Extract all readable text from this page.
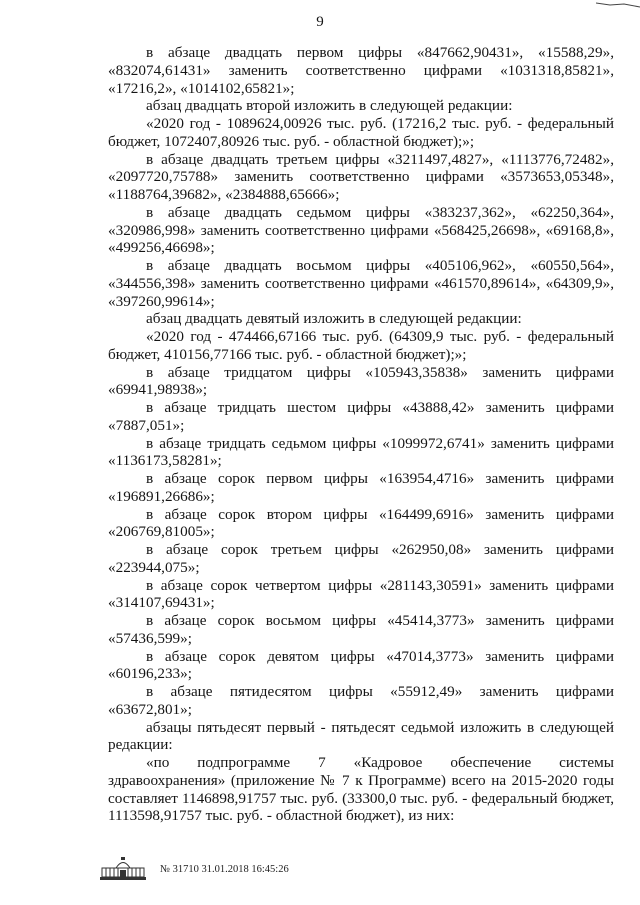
9

в абзаце двадцать первом цифры «847662,90431», «15588,29», «832074,61431» заменить соответственно цифрами «1031318,85821», «17216,2», «1014102,65821»;

абзац двадцать второй изложить в следующей редакции:

«2020 год - 1089624,00926 тыс. руб. (17216,2 тыс. руб. - федеральный бюджет, 1072407,80926 тыс. руб. - областной бюджет);»;

в абзаце двадцать третьем цифры «3211497,4827», «1113776,72482», «2097720,75788» заменить соответственно цифрами «3573653,05348», «1188764,39682», «2384888,65666»;

в абзаце двадцать седьмом цифры «383237,362», «62250,364», «320986,998» заменить соответственно цифрами «568425,26698», «69168,8», «499256,46698»;

в абзаце двадцать восьмом цифры «405106,962», «60550,564», «344556,398» заменить соответственно цифрами «461570,89614», «64309,9», «397260,99614»;

абзац двадцать девятый изложить в следующей редакции:

«2020 год - 474466,67166 тыс. руб. (64309,9 тыс. руб. - федеральный бюджет, 410156,77166 тыс. руб. - областной бюджет);»;

в абзаце тридцатом цифры «105943,35838» заменить цифрами «69941,98938»;

в абзаце тридцать шестом цифры «43888,42» заменить цифрами «7887,051»;

в абзаце тридцать седьмом цифры «1099972,6741» заменить цифрами «1136173,58281»;

в абзаце сорок первом цифры «163954,4716» заменить цифрами «196891,26686»;

в абзаце сорок втором цифры «164499,6916» заменить цифрами «206769,81005»;

в абзаце сорок третьем цифры «262950,08» заменить цифрами «223944,075»;

в абзаце сорок четвертом цифры «281143,30591» заменить цифрами «314107,69431»;

в абзаце сорок восьмом цифры «45414,3773» заменить цифрами «57436,599»;

в абзаце сорок девятом цифры «47014,3773» заменить цифрами «60196,233»;

в абзаце пятидесятом цифры «55912,49» заменить цифрами «63672,801»;

абзацы пятьдесят первый - пятьдесят седьмой изложить в следующей редакции:

«по подпрограмме 7 «Кадровое обеспечение системы здравоохранения» (приложение № 7 к Программе) всего на 2015-2020 годы составляет 1146898,91757 тыс. руб. (33300,0 тыс. руб. - федеральный бюджет, 1113598,91757 тыс. руб. - областной бюджет), из них:

№ 31710 31.01.2018 16:45:26
